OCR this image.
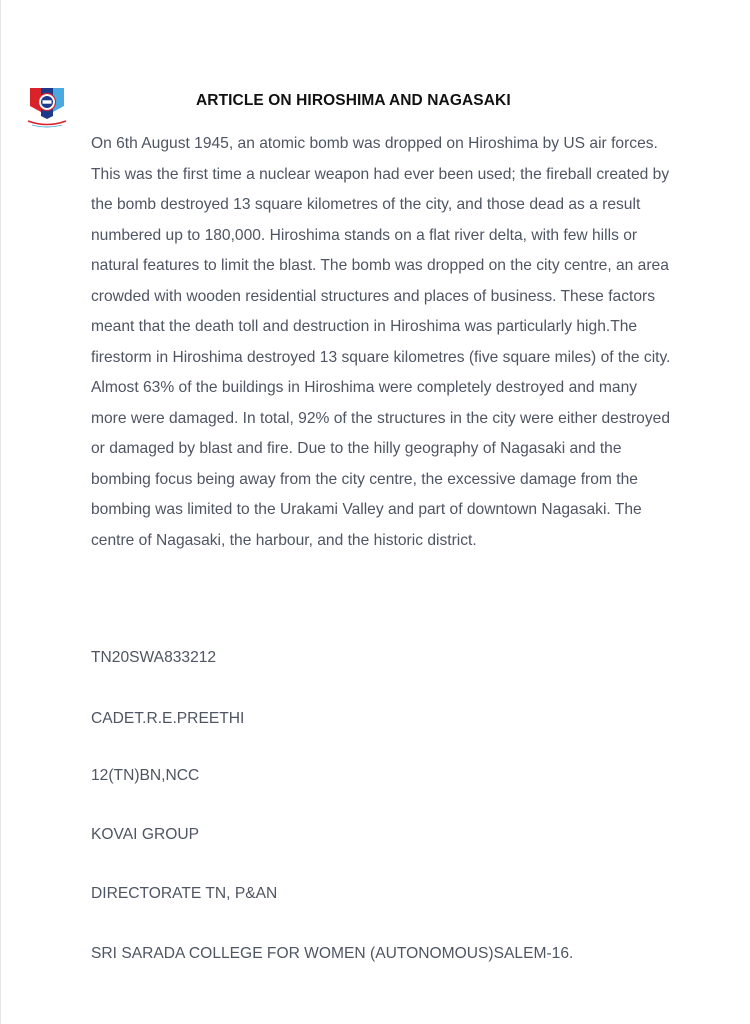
ARTICLE ON HIROSHIMA AND NAGASAKI

On 6th August 1945, an atomic bomb was dropped on Hiroshima by US air forces. This was the first time a nuclear weapon had ever been used; the fireball created by the bomb destroyed 13 square kilometres of the city, and those dead as a result numbered up to 180,000. Hiroshima stands on a flat river delta, with few hills or natural features to limit the blast. The bomb was dropped on the city centre, an area crowded with wooden residential structures and places of business. These factors meant that the death toll and destruction in Hiroshima was particularly high.The firestorm in Hiroshima destroyed 13 square kilometres (five square miles) of the city. Almost 63% of the buildings in Hiroshima were completely destroyed and many more were damaged. In total, 92% of the structures in the city were either destroyed or damaged by blast and fire. Due to the hilly geography of Nagasaki and the bombing focus being away from the city centre, the excessive damage from the bombing was limited to the Urakami Valley and part of downtown Nagasaki. The centre of Nagasaki, the harbour, and the historic district.

TN20SWA833212
CADET.R.E.PREETHI
12(TN)BN,NCC
KOVAI GROUP
DIRECTORATE TN, P&AN
SRI SARADA COLLEGE FOR WOMEN (AUTONOMOUS)SALEM-16.
